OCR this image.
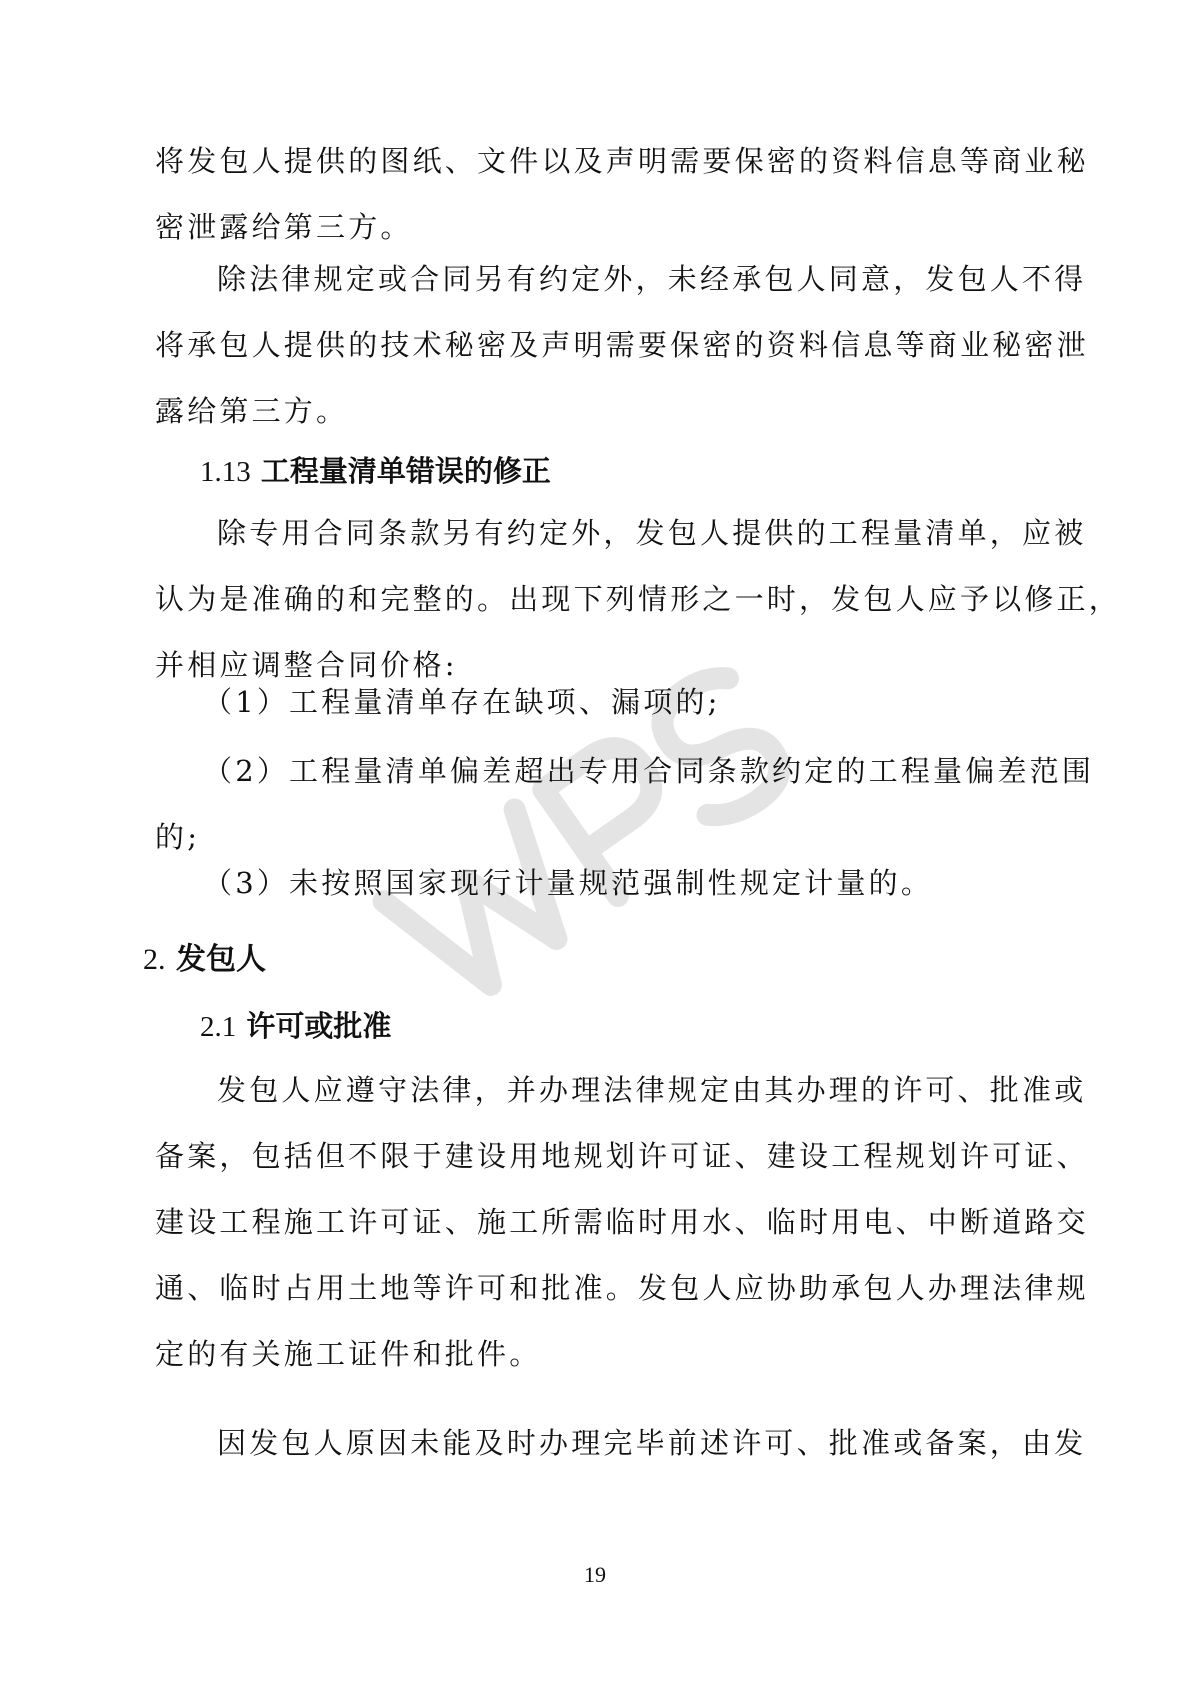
WPS
将发包人提供的图纸、文件以及声明需要保密的资料信息等商业秘
密泄露给第三方。
除法律规定或合同另有约定外，未经承包人同意，发包人不得
将承包人提供的技术秘密及声明需要保密的资料信息等商业秘密泄
露给第三方。
1.13 工程量清单错误的修正
除专用合同条款另有约定外，发包人提供的工程量清单，应被
认为是准确的和完整的。出现下列情形之一时，发包人应予以修正，
并相应调整合同价格:
（1）工程量清单存在缺项、漏项的;
（2）工程量清单偏差超出专用合同条款约定的工程量偏差范围
的;
（3）未按照国家现行计量规范强制性规定计量的。
2. 发包人
2.1 许可或批准
发包人应遵守法律，并办理法律规定由其办理的许可、批准或
备案，包括但不限于建设用地规划许可证、建设工程规划许可证、
建设工程施工许可证、施工所需临时用水、临时用电、中断道路交
通、临时占用土地等许可和批准。发包人应协助承包人办理法律规
定的有关施工证件和批件。
因发包人原因未能及时办理完毕前述许可、批准或备案，由发
19
